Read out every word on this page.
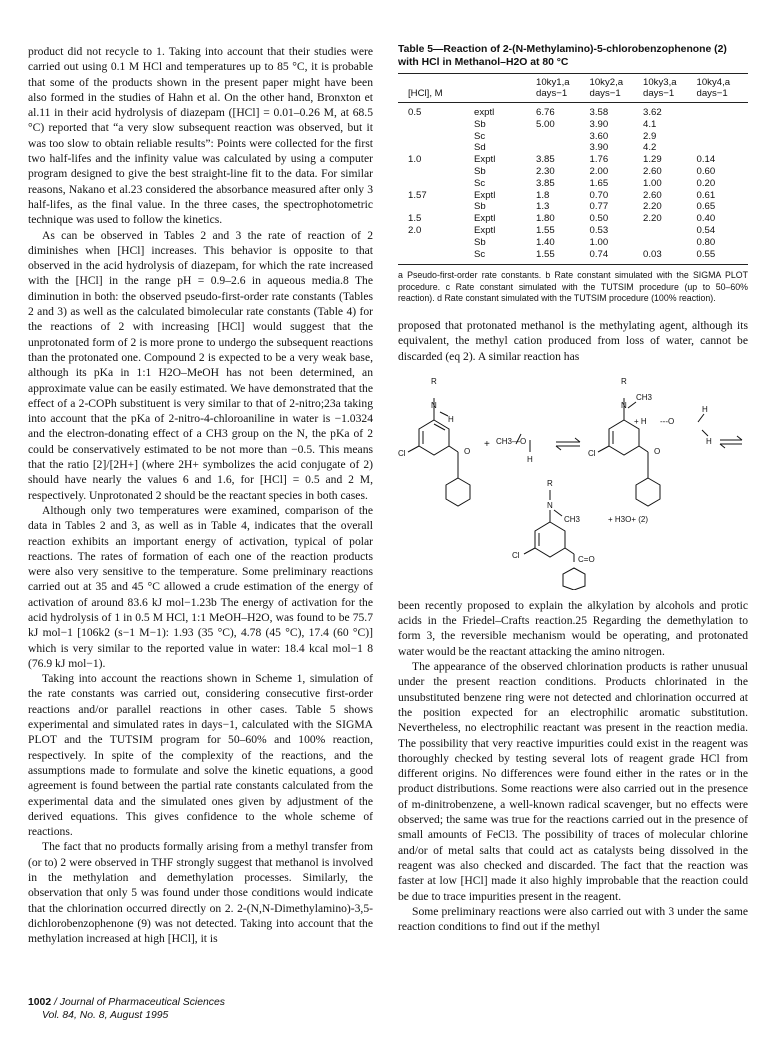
product did not recycle to 1. Taking into account that their studies were carried out using 0.1 M HCl and temperatures up to 85 °C, it is probable that some of the products shown in the present paper might have been also formed in the studies of Hahn et al. On the other hand, Bronxton et al.11 in their acid hydrolysis of diazepam ([HCl] = 0.01–0.26 M, at 68.5 °C) reported that “a very slow subsequent reaction was observed, but it was too slow to obtain reliable results”: Points were collected for the first two half-lifes and the infinity value was calculated by using a computer program designed to give the best straight-line fit to the data. For similar reasons, Nakano et al.23 considered the absorbance measured after only 3 half-lifes, as the final value. In the three cases, the spectrophotometric technique was used to follow the kinetics.

As can be observed in Tables 2 and 3 the rate of reaction of 2 diminishes when [HCl] increases. This behavior is opposite to that observed in the acid hydrolysis of diazepam, for which the rate increased with the [HCl] in the range pH = 0.9–2.6 in aqueous media.8 The diminution in both: the observed pseudo-first-order rate constants (Tables 2 and 3) as well as the calculated bimolecular rate constants (Table 4) for the reactions of 2 with increasing [HCl] would suggest that the unprotonated form of 2 is more prone to undergo the subsequent reactions than the protonated one. Compound 2 is expected to be a very weak base, although its pKa in 1:1 H2O–MeOH has not been determined, an approximate value can be easily estimated. We have demonstrated that the effect of a 2-COPh substituent is very similar to that of 2-nitro;23a taking into account that the pKa of 2-nitro-4-chloroaniline in water is −1.0324 and the electron-donating effect of a CH3 group on the N, the pKa of 2 could be conservatively estimated to be not more than −0.5. This means that the ratio [2]/[2H+] (where 2H+ symbolizes the acid conjugate of 2) should have nearly the values 6 and 1.6, for [HCl] = 0.5 and 2 M, respectively. Unprotonated 2 should be the reactant species in both cases.

Although only two temperatures were examined, comparison of the data in Tables 2 and 3, as well as in Table 4, indicates that the overall reaction exhibits an important energy of activation, typical of polar reactions. The rates of formation of each one of the reaction products were also very sensitive to the temperature. Some preliminary reactions carried out at 35 and 45 °C allowed a crude estimation of the energy of activation of around 83.6 kJ mol−1.23b The energy of activation for the acid hydrolysis of 1 in 0.5 M HCl, 1:1 MeOH–H2O, was found to be 75.7 kJ mol−1 [106k2 (s−1 M−1): 1.93 (35 °C), 4.78 (45 °C), 17.4 (60 °C)] which is very similar to the reported value in water: 18.4 kcal mol−1 8 (76.9 kJ mol−1).

Taking into account the reactions shown in Scheme 1, simulation of the rate constants was carried out, considering consecutive first-order reactions and/or parallel reactions in other cases. Table 5 shows experimental and simulated rates in days−1, calculated with the SIGMA PLOT and the TUTSIM program for 50–60% and 100% reaction, respectively. In spite of the complexity of the reactions, and the assumptions made to formulate and solve the kinetic equations, a good agreement is found between the partial rate constants calculated from the experimental data and the simulated ones given by adjustment of the derived equations. This gives confidence to the whole scheme of reactions.

The fact that no products formally arising from a methyl transfer from (or to) 2 were observed in THF strongly suggest that methanol is involved in the methylation and demethylation processes. Similarly, the observation that only 5 was found under those conditions would indicate that the chlorination occurred directly on 2. 2-(N,N-Dimethylamino)-3,5-dichlorobenzophenone (9) was not detected. Taking into account that the methylation increased at high [HCl], it is

Table 5—Reaction of 2-(N-Methylamino)-5-chlorobenzophenone (2) with HCl in Methanol–H2O at 80 °C

[HCl], M		10ky1,a days−1	10ky2,a days−1	10ky3,a days−1	10ky4,a days−1
0.5	exptl	6.76	3.58	3.62	
	Sb	5.00	3.90	4.1	
	Sc		3.60	2.9	
	Sd		3.90	4.2	
1.0	Exptl	3.85	1.76	1.29	0.14
	Sb	2.30	2.00	2.60	0.60
	Sc	3.85	1.65	1.00	0.20
1.57	Exptl	1.8	0.70	2.60	0.61
	Sb	1.3	0.77	2.20	0.65
1.5	Exptl	1.80	0.50	2.20	0.40
2.0	Exptl	1.55	0.53		0.54
	Sb	1.40	1.00		0.80
	Sc	1.55	0.74	0.03	0.55

a Pseudo-first-order rate constants. b Rate constant simulated with the SIGMA PLOT procedure. c Rate constant simulated with the TUTSIM procedure (up to 50–60% reaction). d Rate constant simulated with the TUTSIM procedure (100% reaction).

proposed that protonated methanol is the methylating agent, although its equivalent, the methyl cation produced from loss of water, cannot be discarded (eq 2). A similar reaction has

R
N
H
Cl	O
+ CH3—O
H
R
N
CH3
+ H ---O
H
H
Cl	O
R
N
CH3	+ H3O+ (2)
Cl	C=O

been recently proposed to explain the alkylation by alcohols and protic acids in the Friedel–Crafts reaction.25 Regarding the demethylation to form 3, the reversible mechanism would be operating, and protonated water would be the reactant attacking the amino nitrogen.

The appearance of the observed chlorination products is rather unusual under the present reaction conditions. Products chlorinated in the unsubstituted benzene ring were not detected and chlorination occurred at the position expected for an electrophilic aromatic substitution. Nevertheless, no electrophilic reactant was present in the reaction media. The possibility that very reactive impurities could exist in the reagent was thoroughly checked by testing several lots of reagent grade HCl from different origins. No differences were found either in the rates or in the product distributions. Some reactions were also carried out in the presence of m-dinitrobenzene, a well-known radical scavenger, but no effects were observed; the same was true for the reactions carried out in the presence of small amounts of FeCl3. The possibility of traces of molecular chlorine and/or of metal salts that could act as catalysts being dissolved in the reagent was also checked and discarded. The fact that the reaction was faster at low [HCl] made it also highly improbable that the reaction could be due to trace impurities present in the reagent.

Some preliminary reactions were also carried out with 3 under the same reaction conditions to find out if the methyl

1002 / Journal of Pharmaceutical Sciences
Vol. 84, No. 8, August 1995
